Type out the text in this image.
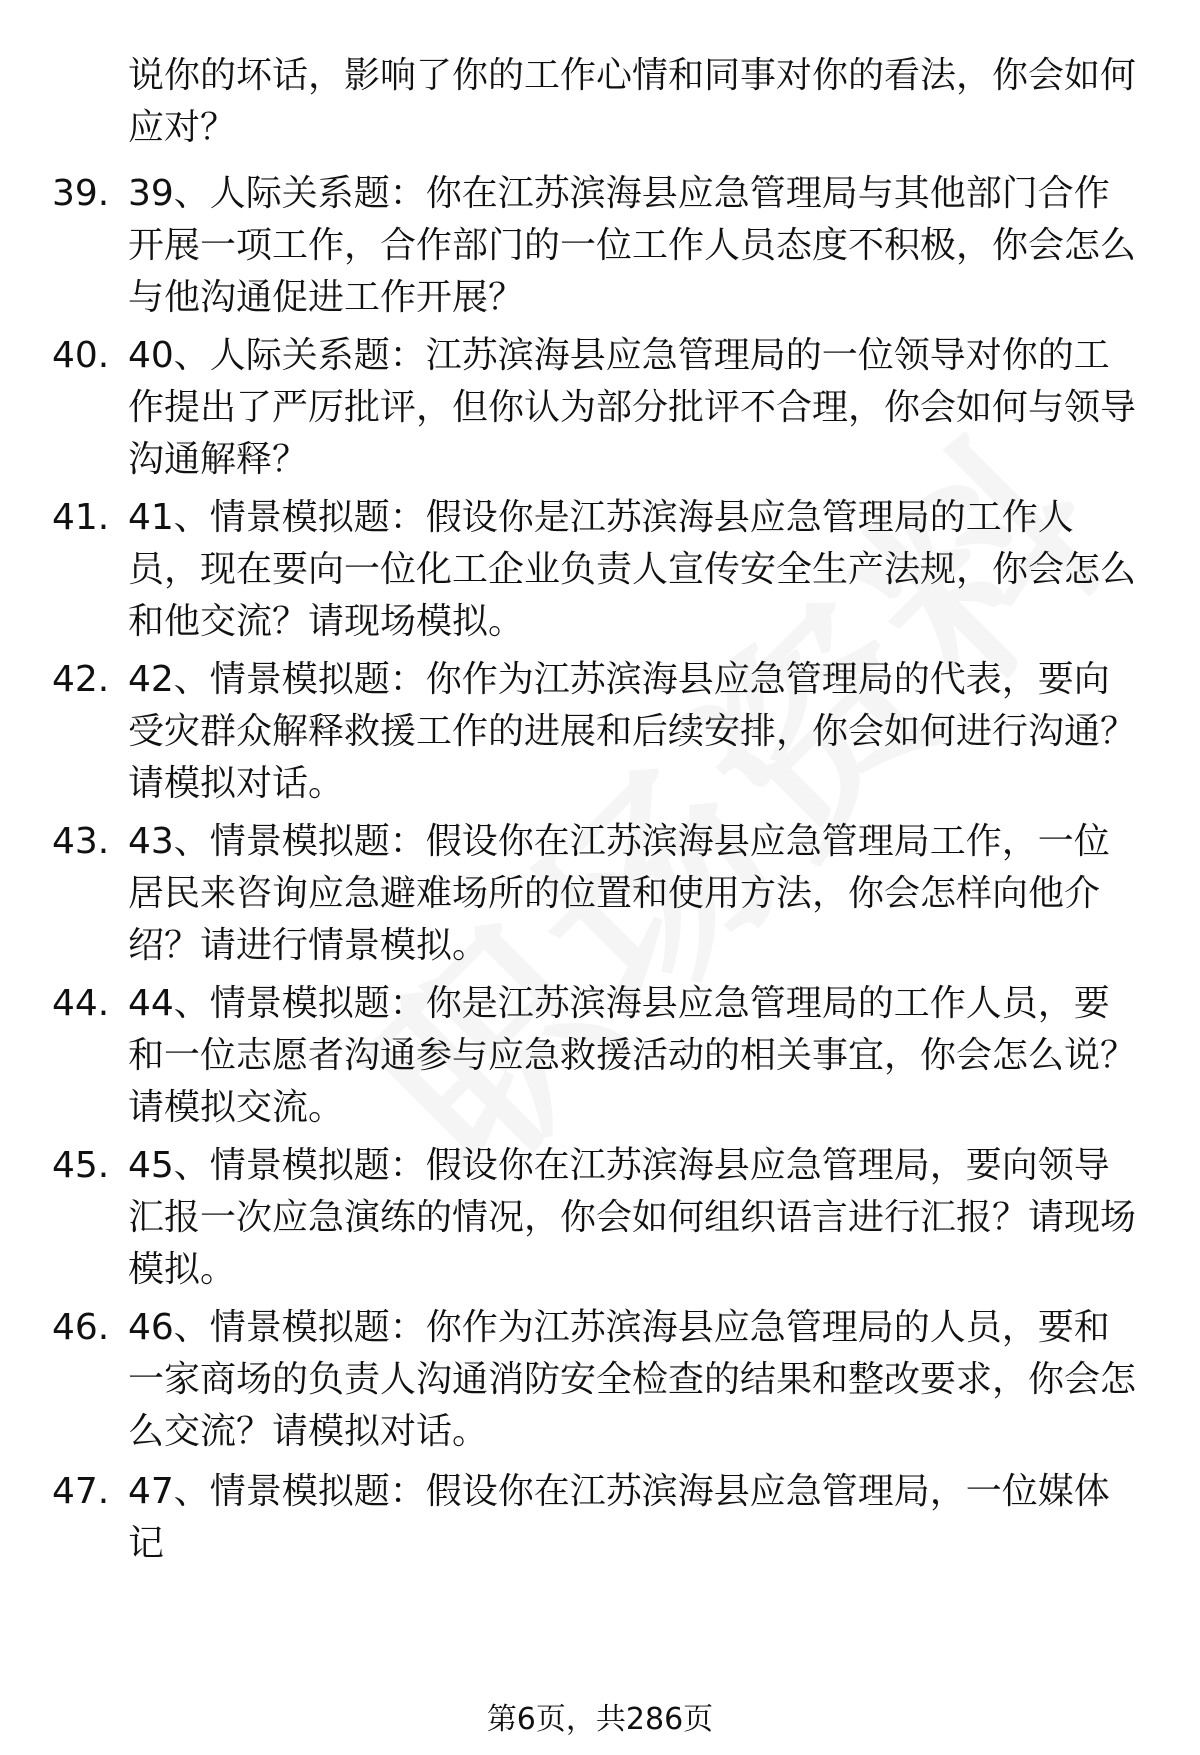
说你的坏话，影响了你的工作心情和同事对你的看法，你会如何应对？

39. 39、人际关系题：你在江苏滨海县应急管理局与其他部门合作开展一项工作，合作部门的一位工作人员态度不积极，你会怎么与他沟通促进工作开展？

40. 40、人际关系题：江苏滨海县应急管理局的一位领导对你的工作提出了严厉批评，但你认为部分批评不合理，你会如何与领导沟通解释？

41. 41、情景模拟题：假设你是江苏滨海县应急管理局的工作人员，现在要向一位化工企业负责人宣传安全生产法规，你会怎么和他交流？请现场模拟。

42. 42、情景模拟题：你作为江苏滨海县应急管理局的代表，要向受灾群众解释救援工作的进展和后续安排，你会如何进行沟通？请模拟对话。

43. 43、情景模拟题：假设你在江苏滨海县应急管理局工作，一位居民来咨询应急避难场所的位置和使用方法，你会怎样向他介绍？请进行情景模拟。

44. 44、情景模拟题：你是江苏滨海县应急管理局的工作人员，要和一位志愿者沟通参与应急救援活动的相关事宜，你会怎么说？请模拟交流。

45. 45、情景模拟题：假设你在江苏滨海县应急管理局，要向领导汇报一次应急演练的情况，你会如何组织语言进行汇报？请现场模拟。

46. 46、情景模拟题：你作为江苏滨海县应急管理局的人员，要和一家商场的负责人沟通消防安全检查的结果和整改要求，你会怎么交流？请模拟对话。

47. 47、情景模拟题：假设你在江苏滨海县应急管理局，一位媒体记

第6页，共286页
